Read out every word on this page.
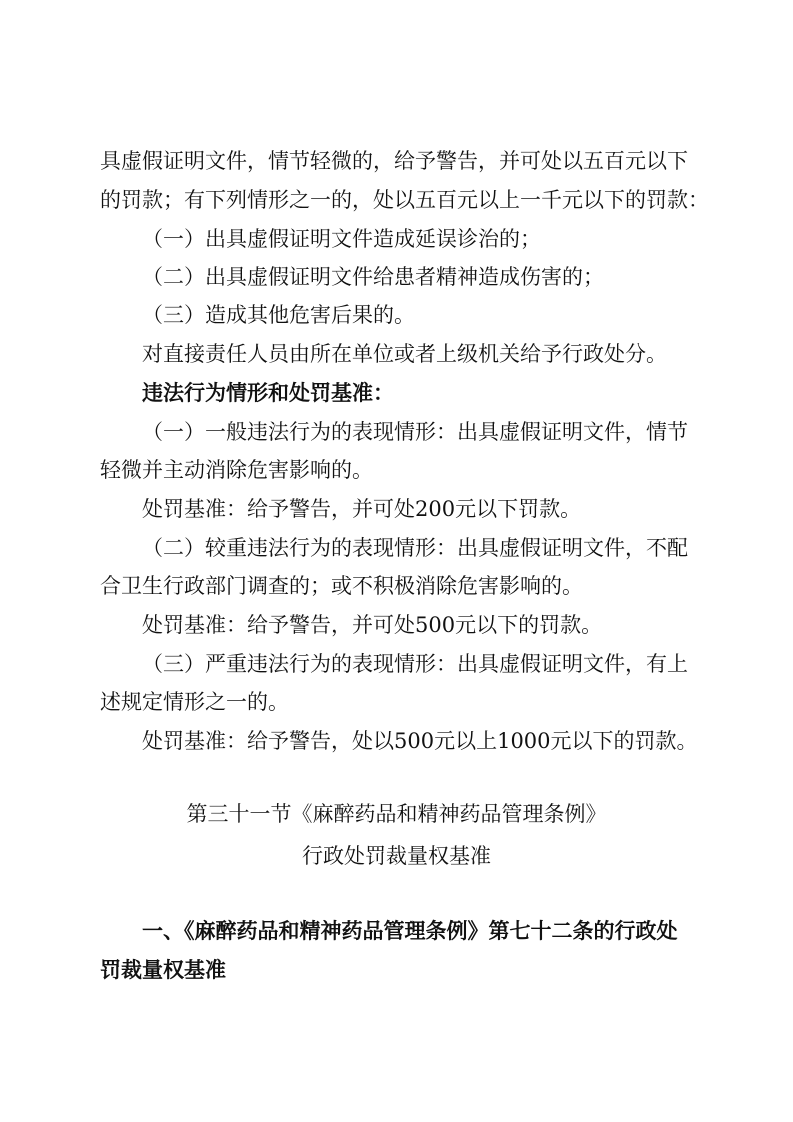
具虚假证明文件，情节轻微的，给予警告，并可处以五百元以下
的罚款；有下列情形之一的，处以五百元以上一千元以下的罚款：
（一）出具虚假证明文件造成延误诊治的；
（二）出具虚假证明文件给患者精神造成伤害的；
（三）造成其他危害后果的。
对直接责任人员由所在单位或者上级机关给予行政处分。
违法行为情形和处罚基准：
（一）一般违法行为的表现情形：出具虚假证明文件，情节
轻微并主动消除危害影响的。
处罚基准：给予警告，并可处200元以下罚款。
（二）较重违法行为的表现情形：出具虚假证明文件，不配
合卫生行政部门调查的；或不积极消除危害影响的。
处罚基准：给予警告，并可处500元以下的罚款。
（三）严重违法行为的表现情形：出具虚假证明文件，有上
述规定情形之一的。
处罚基准：给予警告，处以500元以上1000元以下的罚款。
第三十一节《麻醉药品和精神药品管理条例》
行政处罚裁量权基准
一、《麻醉药品和精神药品管理条例》第七十二条的行政处
罚裁量权基准
